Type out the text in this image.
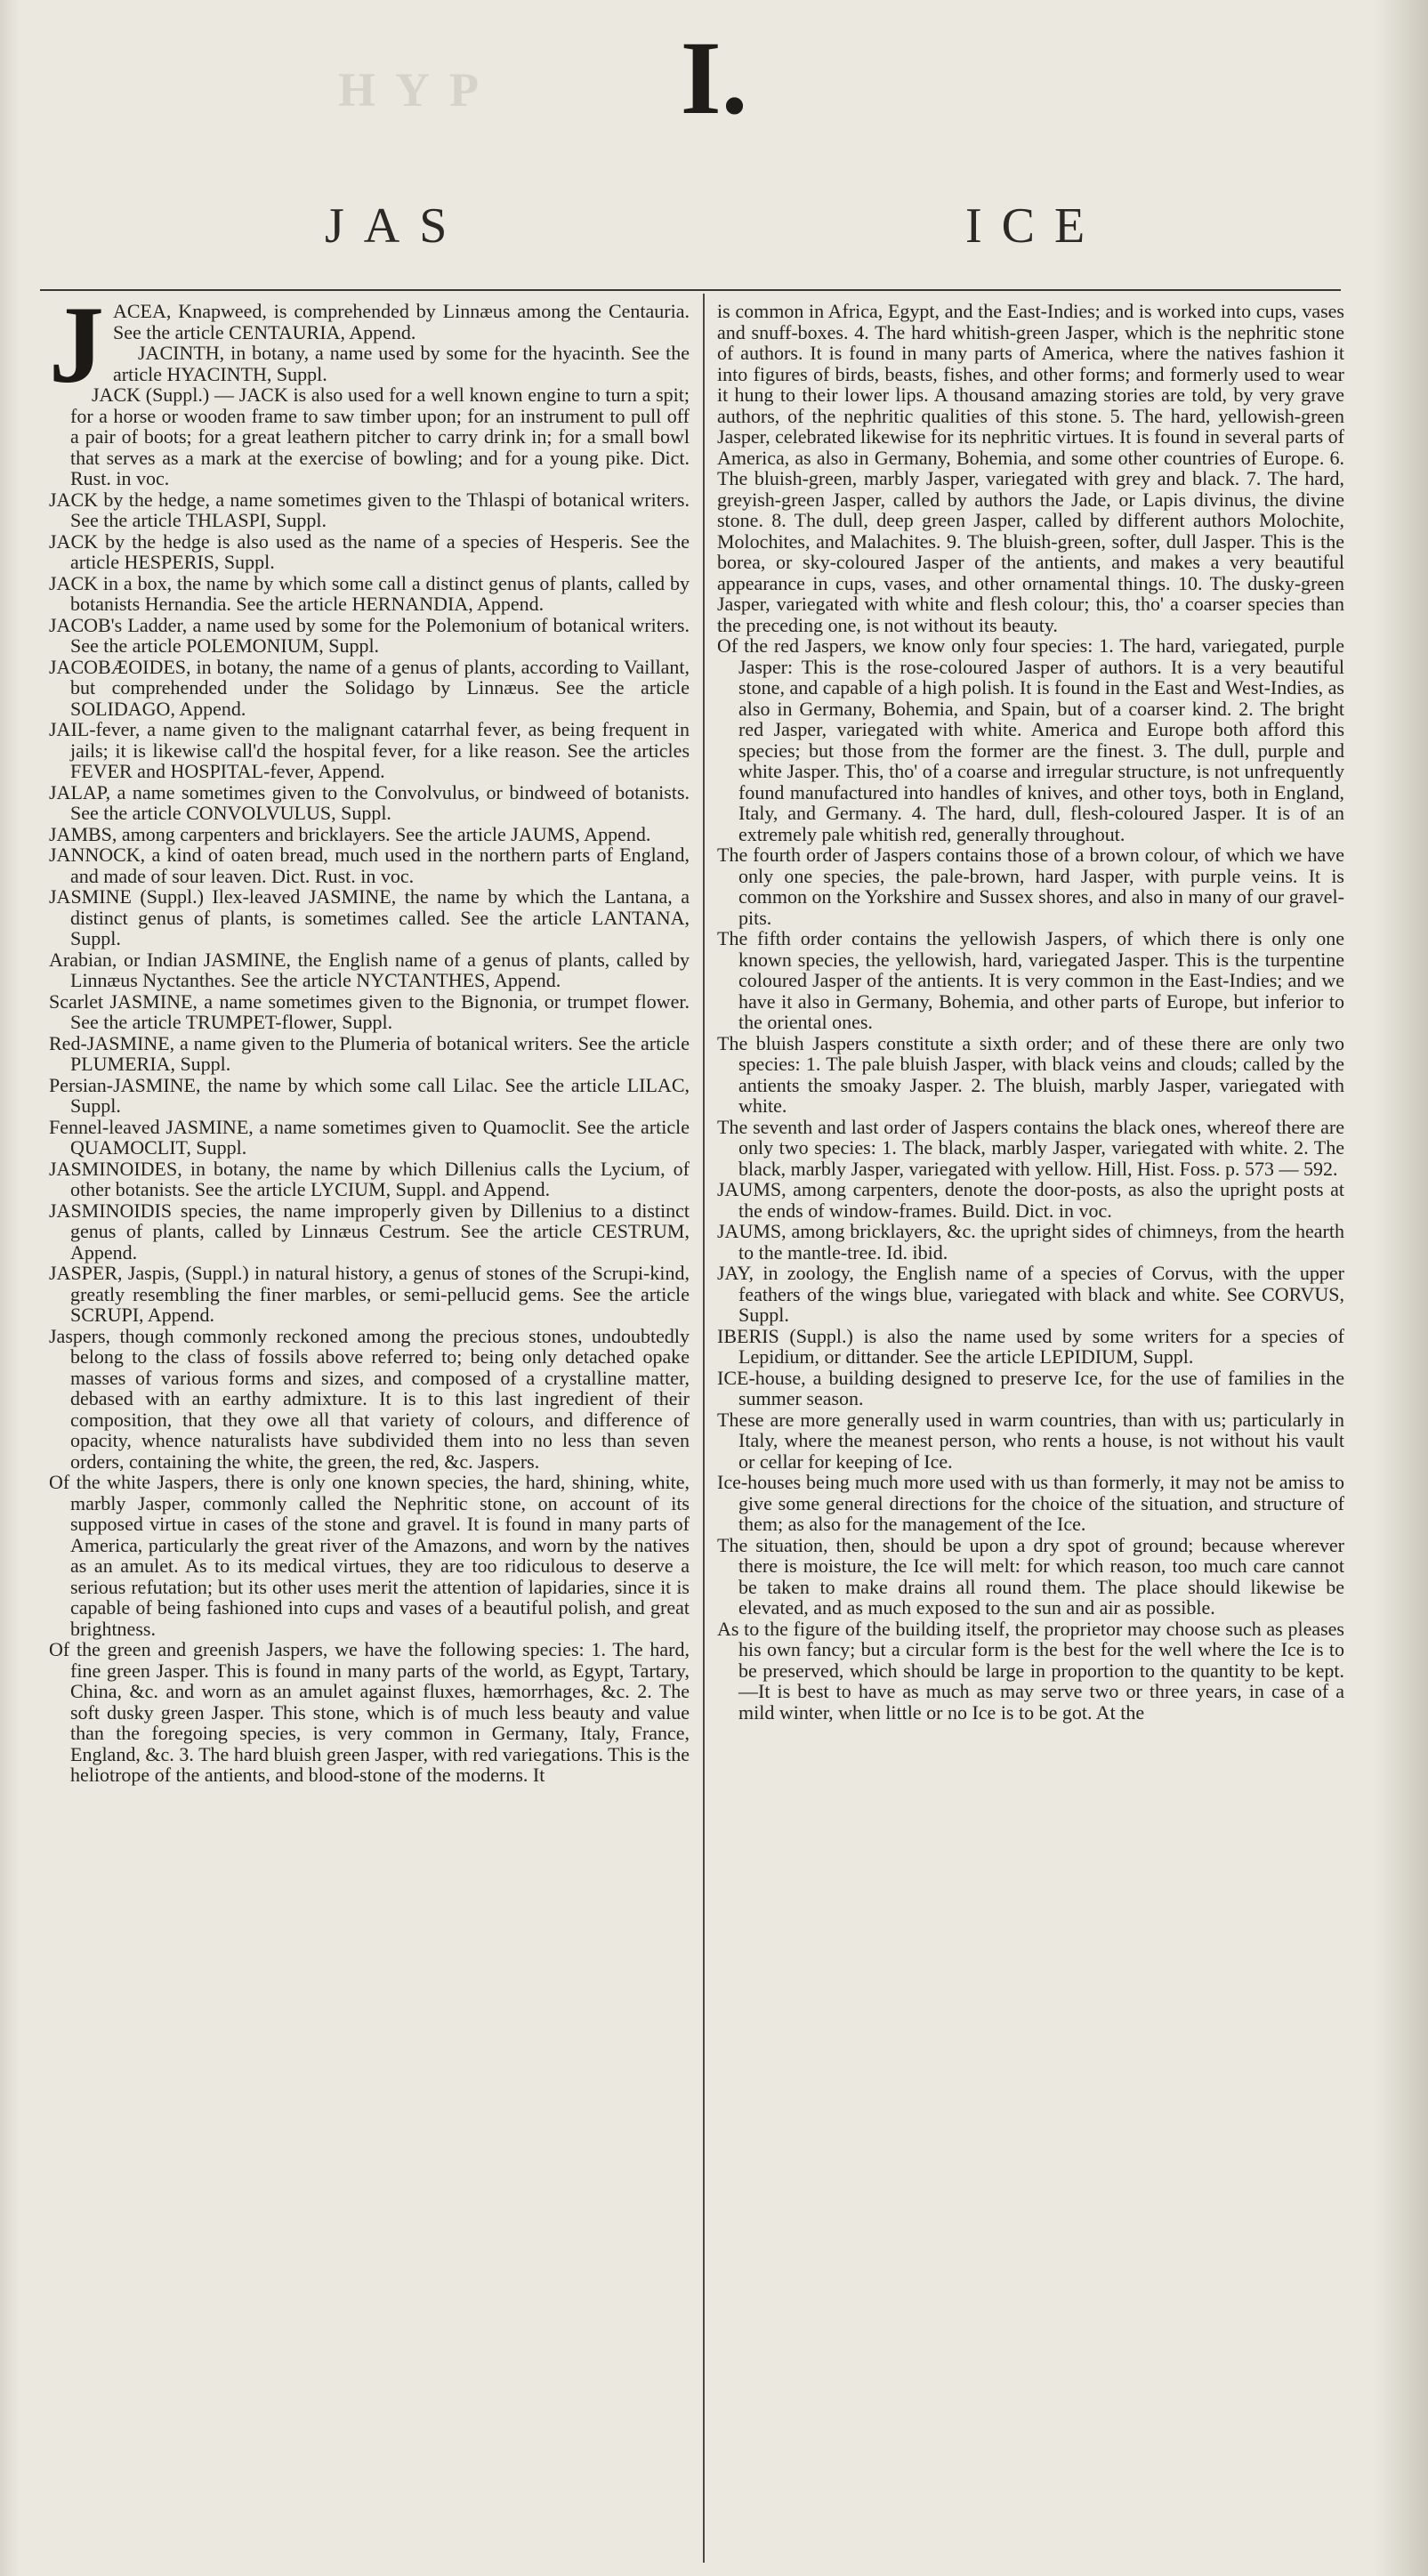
HYP	I.
JAS	ICE

JACEA, Knapweed, is comprehended by Linnæus among the Centauria. See the article CENTAURIA, Append.

JACINTH, in botany, a name used by some for the hyacinth. See the article HYACINTH, Suppl.

JACK (Suppl.) — JACK is also used for a well known engine to turn a spit; for a horse or wooden frame to saw timber upon; for an instrument to pull off a pair of boots; for a great leathern pitcher to carry drink in; for a small bowl that serves as a mark at the exercise of bowling; and for a young pike. Dict. Rust. in voc.

JACK by the hedge, a name sometimes given to the Thlaspi of botanical writers. See the article THLASPI, Suppl.

JACK by the hedge is also used as the name of a species of Hesperis. See the article HESPERIS, Suppl.

JACK in a box, the name by which some call a distinct genus of plants, called by botanists Hernandia. See the article HERNANDIA, Append.

JACOB's Ladder, a name used by some for the Polemonium of botanical writers. See the article POLEMONIUM, Suppl.

JACOBÆOIDES, in botany, the name of a genus of plants, according to Vaillant, but comprehended under the Solidago by Linnæus. See the article SOLIDAGO, Append.

JAIL-fever, a name given to the malignant catarrhal fever, as being frequent in jails; it is likewise call'd the hospital fever, for a like reason. See the articles FEVER and HOSPITAL-fever, Append.

JALAP, a name sometimes given to the Convolvulus, or bindweed of botanists. See the article CONVOLVULUS, Suppl.

JAMBS, among carpenters and bricklayers. See the article JAUMS, Append.

JANNOCK, a kind of oaten bread, much used in the northern parts of England, and made of sour leaven. Dict. Rust. in voc.

JASMINE (Suppl.) Ilex-leaved JASMINE, the name by which the Lantana, a distinct genus of plants, is sometimes called. See the article LANTANA, Suppl.

Arabian, or Indian JASMINE, the English name of a genus of plants, called by Linnæus Nyctanthes. See the article NYCTANTHES, Append.

Scarlet JASMINE, a name sometimes given to the Bignonia, or trumpet flower. See the article TRUMPET-flower, Suppl.

Red-JASMINE, a name given to the Plumeria of botanical writers. See the article PLUMERIA, Suppl.

Persian-JASMINE, the name by which some call Lilac. See the article LILAC, Suppl.

Fennel-leaved JASMINE, a name sometimes given to Quamoclit. See the article QUAMOCLIT, Suppl.

JASMINOIDES, in botany, the name by which Dillenius calls the Lycium, of other botanists. See the article LYCIUM, Suppl. and Append.

JASMINOIDIS species, the name improperly given by Dillenius to a distinct genus of plants, called by Linnæus Cestrum. See the article CESTRUM, Append.

JASPER, Jaspis, (Suppl.) in natural history, a genus of stones of the Scrupi-kind, greatly resembling the finer marbles, or semi-pellucid gems. See the article SCRUPI, Append.

Jaspers, though commonly reckoned among the precious stones, undoubtedly belong to the class of fossils above referred to; being only detached opake masses of various forms and sizes, and composed of a crystalline matter, debased with an earthy admixture. It is to this last ingredient of their composition, that they owe all that variety of colours, and difference of opacity, whence naturalists have subdivided them into no less than seven orders, containing the white, the green, the red, &c. Jaspers.

Of the white Jaspers, there is only one known species, the hard, shining, white, marbly Jasper, commonly called the Nephritic stone, on account of its supposed virtue in cases of the stone and gravel. It is found in many parts of America, particularly the great river of the Amazons, and worn by the natives as an amulet. As to its medical virtues, they are too ridiculous to deserve a serious refutation; but its other uses merit the attention of lapidaries, since it is capable of being fashioned into cups and vases of a beautiful polish, and great brightness.

Of the green and greenish Jaspers, we have the following species: 1. The hard, fine green Jasper. This is found in many parts of the world, as Egypt, Tartary, China, &c. and worn as an amulet against fluxes, hæmorrhages, &c. 2. The soft dusky green Jasper. This stone, which is of much less beauty and value than the foregoing species, is very common in Germany, Italy, France, England, &c. 3. The hard bluish green Jasper, with red variegations. This is the heliotrope of the antients, and blood-stone of the moderns. It

is common in Africa, Egypt, and the East-Indies; and is worked into cups, vases and snuff-boxes. 4. The hard whitish-green Jasper, which is the nephritic stone of authors. It is found in many parts of America, where the natives fashion it into figures of birds, beasts, fishes, and other forms; and formerly used to wear it hung to their lower lips. A thousand amazing stories are told, by very grave authors, of the nephritic qualities of this stone. 5. The hard, yellowish-green Jasper, celebrated likewise for its nephritic virtues. It is found in several parts of America, as also in Germany, Bohemia, and some other countries of Europe. 6. The bluish-green, marbly Jasper, variegated with grey and black. 7. The hard, greyish-green Jasper, called by authors the Jade, or Lapis divinus, the divine stone. 8. The dull, deep green Jasper, called by different authors Molochite, Molochites, and Malachites. 9. The bluish-green, softer, dull Jasper. This is the borea, or sky-coloured Jasper of the antients, and makes a very beautiful appearance in cups, vases, and other ornamental things. 10. The dusky-green Jasper, variegated with white and flesh colour; this, tho' a coarser species than the preceding one, is not without its beauty.

Of the red Jaspers, we know only four species: 1. The hard, variegated, purple Jasper: This is the rose-coloured Jasper of authors. It is a very beautiful stone, and capable of a high polish. It is found in the East and West-Indies, as also in Germany, Bohemia, and Spain, but of a coarser kind. 2. The bright red Jasper, variegated with white. America and Europe both afford this species; but those from the former are the finest. 3. The dull, purple and white Jasper. This, tho' of a coarse and irregular structure, is not unfrequently found manufactured into handles of knives, and other toys, both in England, Italy, and Germany. 4. The hard, dull, flesh-coloured Jasper. It is of an extremely pale whitish red, generally throughout.

The fourth order of Jaspers contains those of a brown colour, of which we have only one species, the pale-brown, hard Jasper, with purple veins. It is common on the Yorkshire and Sussex shores, and also in many of our gravel-pits.

The fifth order contains the yellowish Jaspers, of which there is only one known species, the yellowish, hard, variegated Jasper. This is the turpentine coloured Jasper of the antients. It is very common in the East-Indies; and we have it also in Germany, Bohemia, and other parts of Europe, but inferior to the oriental ones.

The bluish Jaspers constitute a sixth order; and of these there are only two species: 1. The pale bluish Jasper, with black veins and clouds; called by the antients the smoaky Jasper. 2. The bluish, marbly Jasper, variegated with white.

The seventh and last order of Jaspers contains the black ones, whereof there are only two species: 1. The black, marbly Jasper, variegated with white. 2. The black, marbly Jasper, variegated with yellow. Hill, Hist. Foss. p. 573 — 592.

JAUMS, among carpenters, denote the door-posts, as also the upright posts at the ends of window-frames. Build. Dict. in voc.

JAUMS, among bricklayers, &c. the upright sides of chimneys, from the hearth to the mantle-tree. Id. ibid.

JAY, in zoology, the English name of a species of Corvus, with the upper feathers of the wings blue, variegated with black and white. See CORVUS, Suppl.

IBERIS (Suppl.) is also the name used by some writers for a species of Lepidium, or dittander. See the article LEPIDIUM, Suppl.

ICE-house, a building designed to preserve Ice, for the use of families in the summer season.

These are more generally used in warm countries, than with us; particularly in Italy, where the meanest person, who rents a house, is not without his vault or cellar for keeping of Ice.

Ice-houses being much more used with us than formerly, it may not be amiss to give some general directions for the choice of the situation, and structure of them; as also for the management of the Ice.

The situation, then, should be upon a dry spot of ground; because wherever there is moisture, the Ice will melt: for which reason, too much care cannot be taken to make drains all round them. The place should likewise be elevated, and as much exposed to the sun and air as possible.

As to the figure of the building itself, the proprietor may choose such as pleases his own fancy; but a circular form is the best for the well where the Ice is to be preserved, which should be large in proportion to the quantity to be kept.—It is best to have as much as may serve two or three years, in case of a mild winter, when little or no Ice is to be got. At the
